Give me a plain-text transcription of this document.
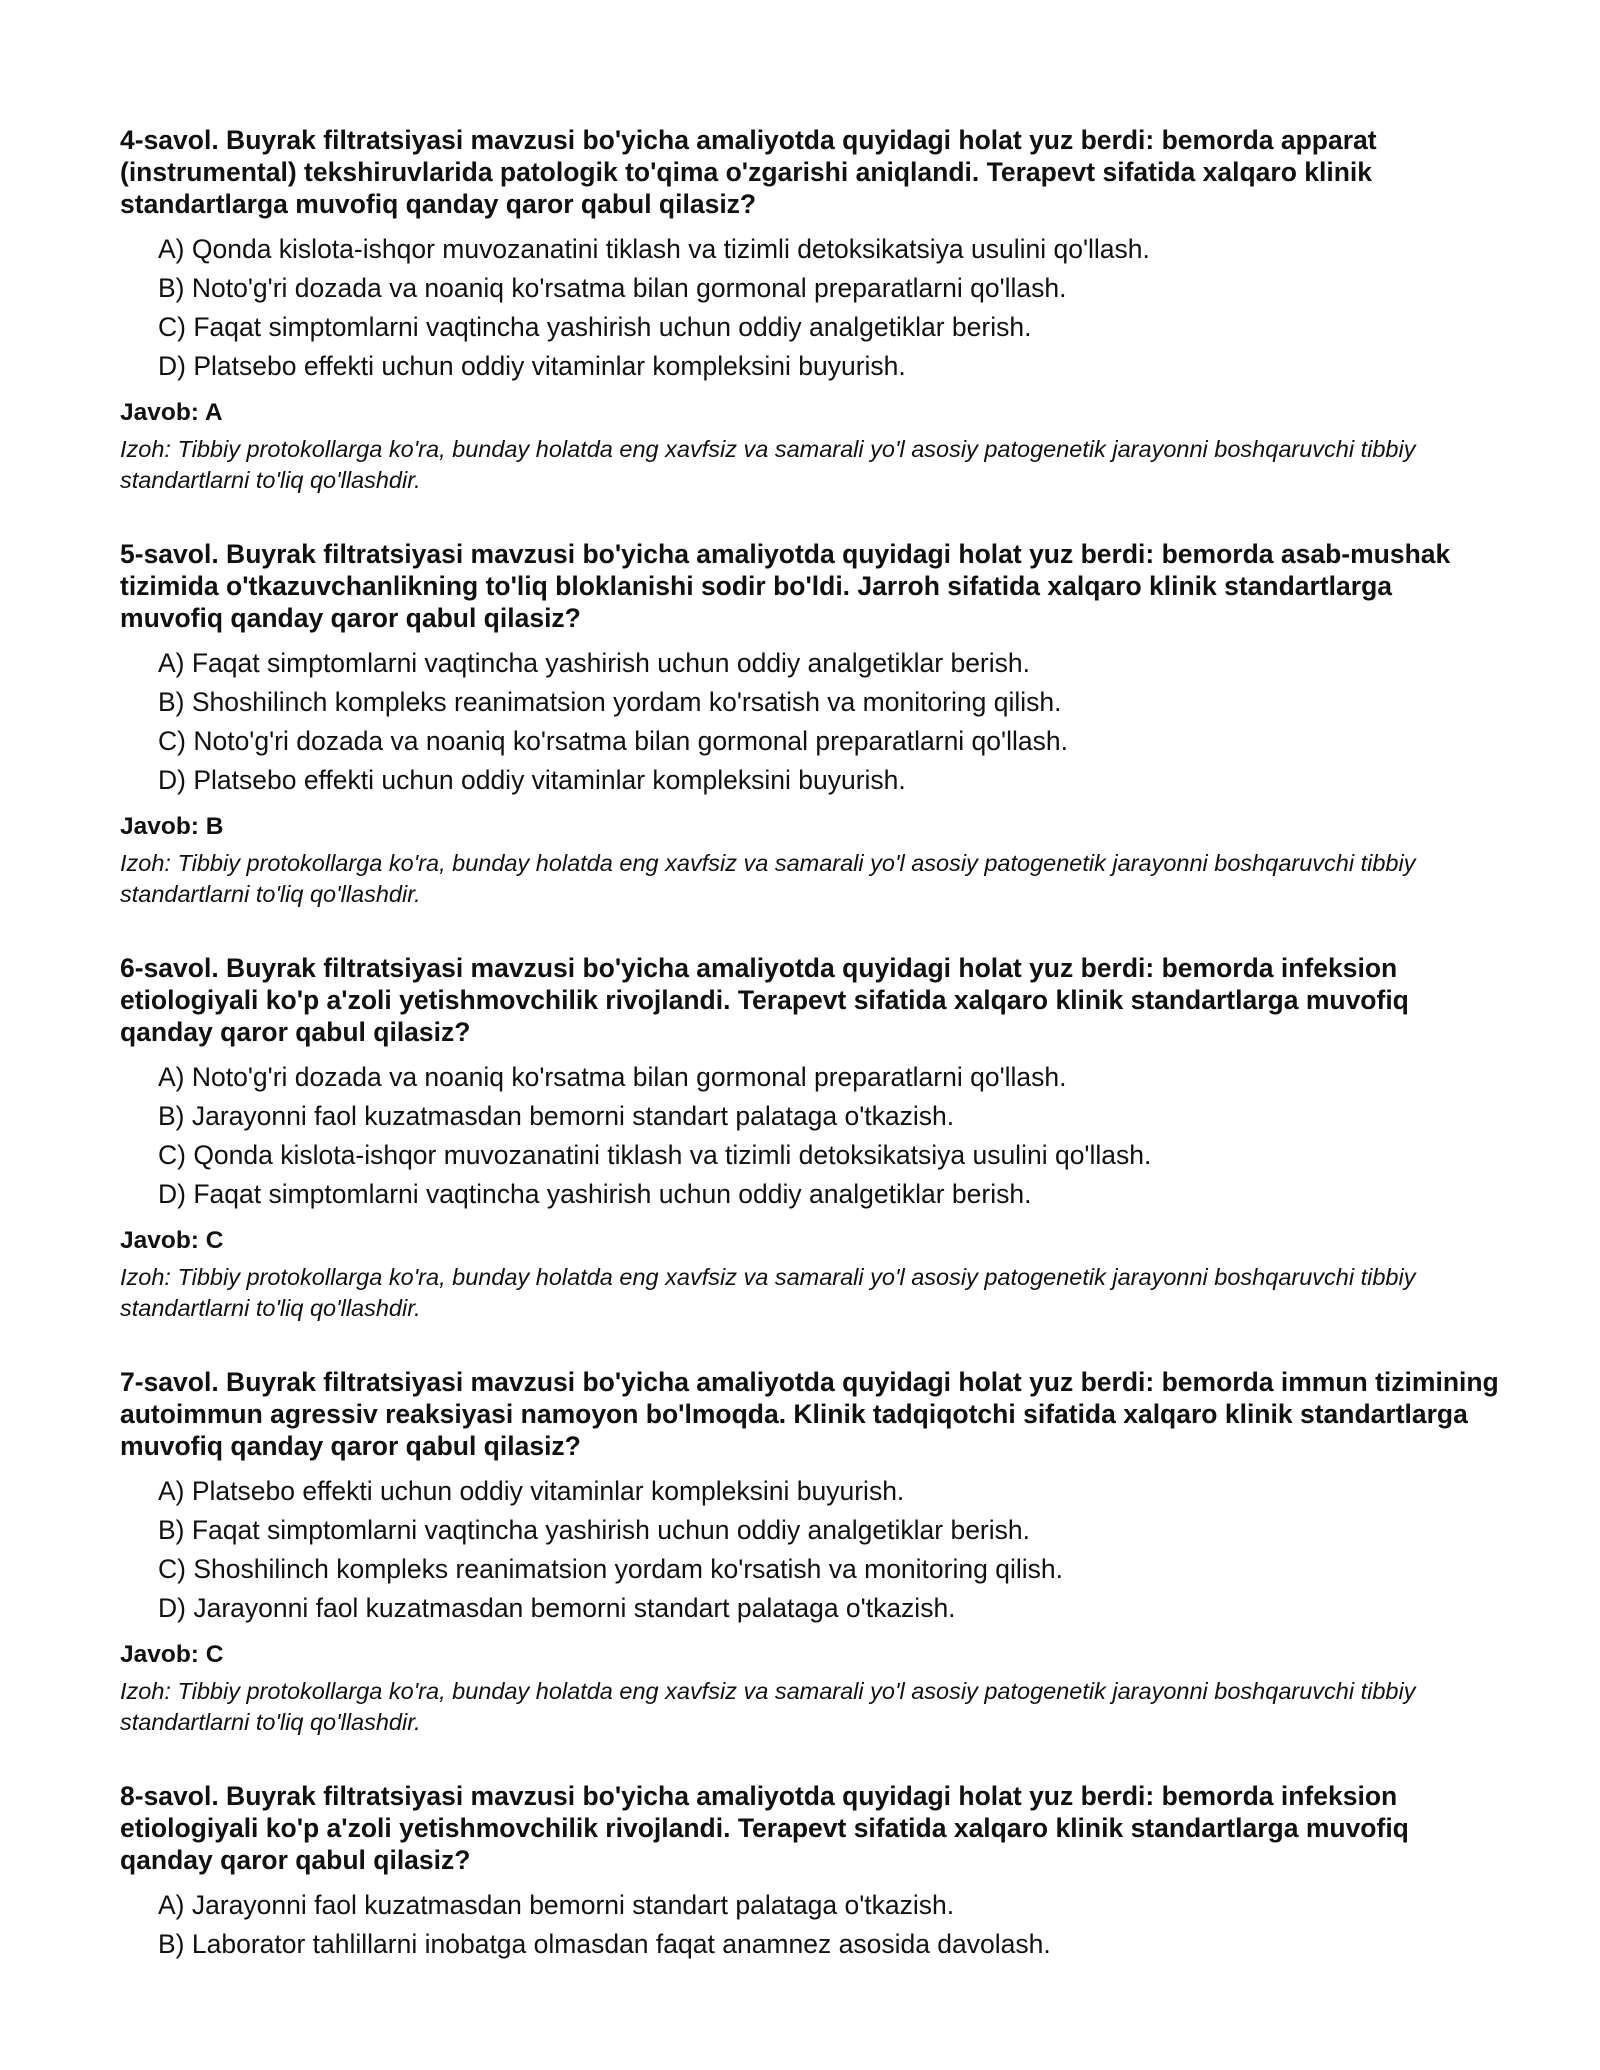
4-savol. Buyrak filtratsiyasi mavzusi bo'yicha amaliyotda quyidagi holat yuz berdi: bemorda apparat (instrumental) tekshiruvlarida patologik to'qima o'zgarishi aniqlandi. Terapevt sifatida xalqaro klinik standartlarga muvofiq qanday qaror qabul qilasiz?

A) Qonda kislota-ishqor muvozanatini tiklash va tizimli detoksikatsiya usulini qo'llash.
B) Noto'g'ri dozada va noaniq ko'rsatma bilan gormonal preparatlarni qo'llash.
C) Faqat simptomlarni vaqtincha yashirish uchun oddiy analgetiklar berish.
D) Platsebo effekti uchun oddiy vitaminlar kompleksini buyurish.

Javob: A

Izoh: Tibbiy protokollarga ko'ra, bunday holatda eng xavfsiz va samarali yo'l asosiy patogenetik jarayonni boshqaruvchi tibbiy standartlarni to'liq qo'llashdir.

5-savol. Buyrak filtratsiyasi mavzusi bo'yicha amaliyotda quyidagi holat yuz berdi: bemorda asab-mushak tizimida o'tkazuvchanlikning to'liq bloklanishi sodir bo'ldi. Jarroh sifatida xalqaro klinik standartlarga muvofiq qanday qaror qabul qilasiz?

A) Faqat simptomlarni vaqtincha yashirish uchun oddiy analgetiklar berish.
B) Shoshilinch kompleks reanimatsion yordam ko'rsatish va monitoring qilish.
C) Noto'g'ri dozada va noaniq ko'rsatma bilan gormonal preparatlarni qo'llash.
D) Platsebo effekti uchun oddiy vitaminlar kompleksini buyurish.

Javob: B

Izoh: Tibbiy protokollarga ko'ra, bunday holatda eng xavfsiz va samarali yo'l asosiy patogenetik jarayonni boshqaruvchi tibbiy standartlarni to'liq qo'llashdir.

6-savol. Buyrak filtratsiyasi mavzusi bo'yicha amaliyotda quyidagi holat yuz berdi: bemorda infeksion etiologiyali ko'p a'zoli yetishmovchilik rivojlandi. Terapevt sifatida xalqaro klinik standartlarga muvofiq qanday qaror qabul qilasiz?

A) Noto'g'ri dozada va noaniq ko'rsatma bilan gormonal preparatlarni qo'llash.
B) Jarayonni faol kuzatmasdan bemorni standart palataga o'tkazish.
C) Qonda kislota-ishqor muvozanatini tiklash va tizimli detoksikatsiya usulini qo'llash.
D) Faqat simptomlarni vaqtincha yashirish uchun oddiy analgetiklar berish.

Javob: C

Izoh: Tibbiy protokollarga ko'ra, bunday holatda eng xavfsiz va samarali yo'l asosiy patogenetik jarayonni boshqaruvchi tibbiy standartlarni to'liq qo'llashdir.

7-savol. Buyrak filtratsiyasi mavzusi bo'yicha amaliyotda quyidagi holat yuz berdi: bemorda immun tizimining autoimmun agressiv reaksiyasi namoyon bo'lmoqda. Klinik tadqiqotchi sifatida xalqaro klinik standartlarga muvofiq qanday qaror qabul qilasiz?

A) Platsebo effekti uchun oddiy vitaminlar kompleksini buyurish.
B) Faqat simptomlarni vaqtincha yashirish uchun oddiy analgetiklar berish.
C) Shoshilinch kompleks reanimatsion yordam ko'rsatish va monitoring qilish.
D) Jarayonni faol kuzatmasdan bemorni standart palataga o'tkazish.

Javob: C

Izoh: Tibbiy protokollarga ko'ra, bunday holatda eng xavfsiz va samarali yo'l asosiy patogenetik jarayonni boshqaruvchi tibbiy standartlarni to'liq qo'llashdir.

8-savol. Buyrak filtratsiyasi mavzusi bo'yicha amaliyotda quyidagi holat yuz berdi: bemorda infeksion etiologiyali ko'p a'zoli yetishmovchilik rivojlandi. Terapevt sifatida xalqaro klinik standartlarga muvofiq qanday qaror qabul qilasiz?

A) Jarayonni faol kuzatmasdan bemorni standart palataga o'tkazish.
B) Laborator tahlillarni inobatga olmasdan faqat anamnez asosida davolash.
